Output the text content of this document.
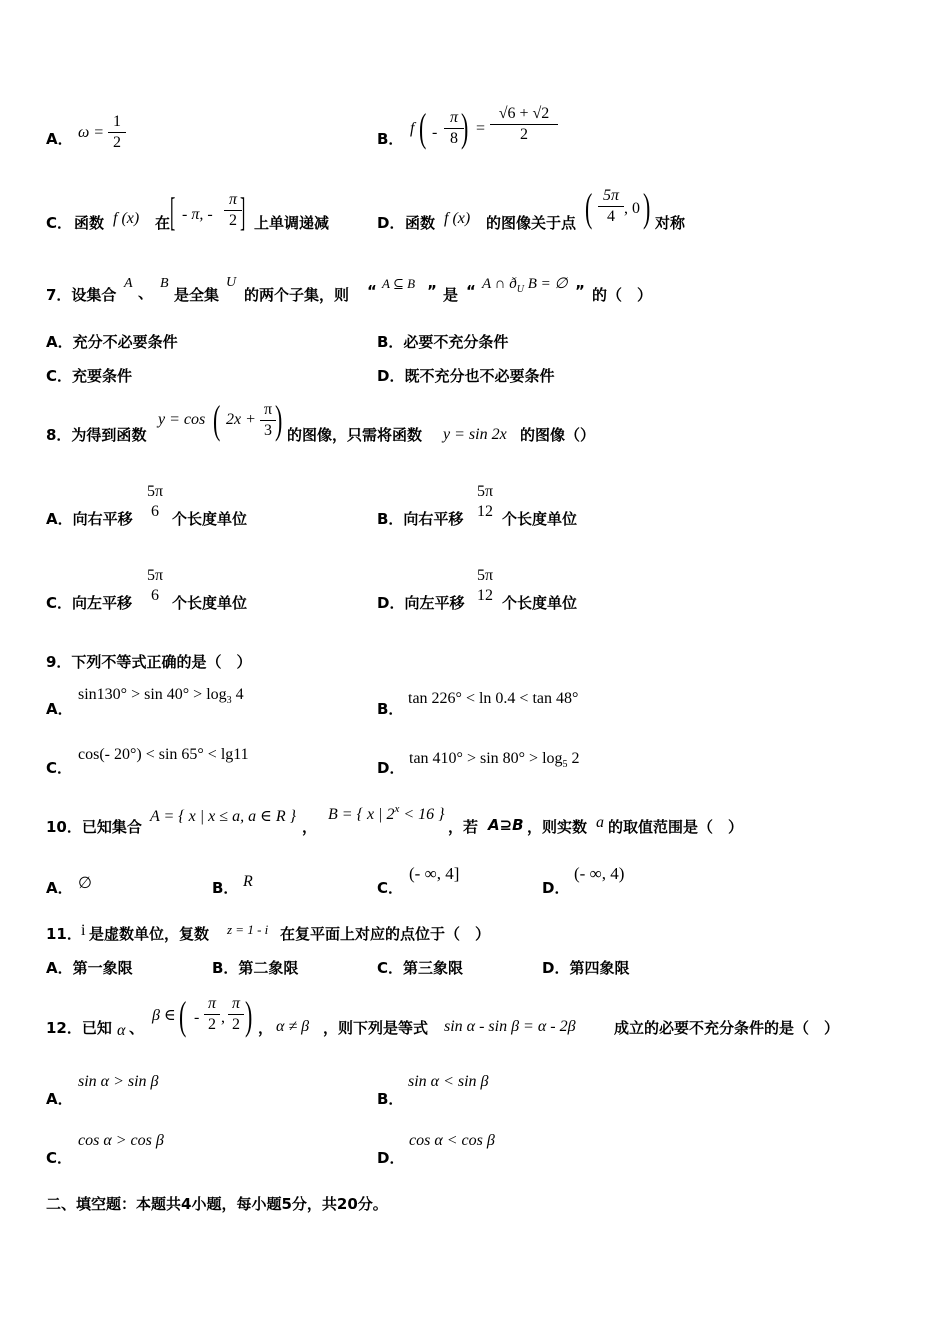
A． $\omega = \frac{1}{2}$	B．
f ( - $\frac{\pi}{8}$
) = $\frac{√6 + √2}{2}$
C． 函数 f (x) 在 [ - π, - $\frac{\pi}{2}$
] 上单调递减	D． 函数 f (x) 的图像关于点 ( $\frac{5\pi}{4}$ , 0 ) 对称
7．设集合
A
、
B
是全集
U
的两个子集，则 “ A ⊆ B ” 是 “ A ∩ $ð_U$ B = ∅ ” 的（　）
A．充分不必要条件	B．必要不充分条件
C．充要条件	D．既不充分也不必要条件
8．为得到函数
y = cos ( $2x + \frac{\pi}{3}$
) 的图像，只需将函数 y = sin 2x 的图像（）
A．向右平移
5π
6 个长度单位	B．向右平移
5π
12 个长度单位
C．向左平移
5π
6 个长度单位	D．向左平移
5π
12 个长度单位
9．下列不等式正确的是（　）
A．
$\sin 130^\circ > \sin 40^\circ > \log_3 4$
B．
tan 226° < ln 0.4 < tan 48°
C．
cos(- 20°) < sin 65° < lg11
D．
$\tan 410^\circ > \sin 80^\circ > \log_5 2$
10．已知集合
A = { x | x ≤ a, a ∈ R }
，
B = { x | $2^x < 16$ }
，若 A⊇B ，则实数 a 的取值范围是（　）
A． ∅	B． R	C．
(- ∞, 4]
D．
(- ∞, 4)
11． i 是虚数单位，复数 z = 1 - i 在复平面上对应的点位于（　）
A．第一象限	B．第二象限	C．第三象限	D．第四象限
12．已知 α 、
β ∈ ( - $\frac{\pi}{2}$ , $\frac{\pi}{2}$ ) ， α ≠ β ，则下列是等式 sin α - sin β = α - 2β	成立的必要不充分条件的是（　）
A．
sin α > sin β
B．
sin α < sin β
C．
cos α > cos β
D．
cos α < cos β
二、填空题：本题共4小题，每小题5分，共20分。
